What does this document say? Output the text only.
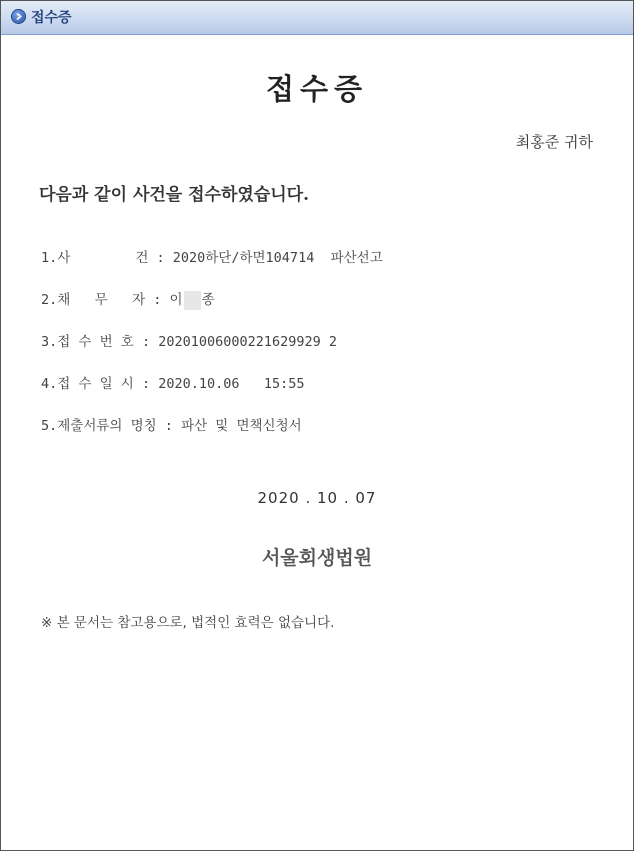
접수증
접수증
최홍준 귀하
다음과 같이 사건을 접수하였습니다.
1.사        건 : 2020하단/하면104714  파산선고
2.채   무   자 : 이 종
3.접 수 번 호 : 20201006000221629929 2
4.접 수 일 시 : 2020.10.06   15:55
5.제출서류의 명칭 : 파산 및 면책신청서
2020 . 10 . 07
서울회생법원
※ 본 문서는 참고용으로, 법적인 효력은 없습니다.
